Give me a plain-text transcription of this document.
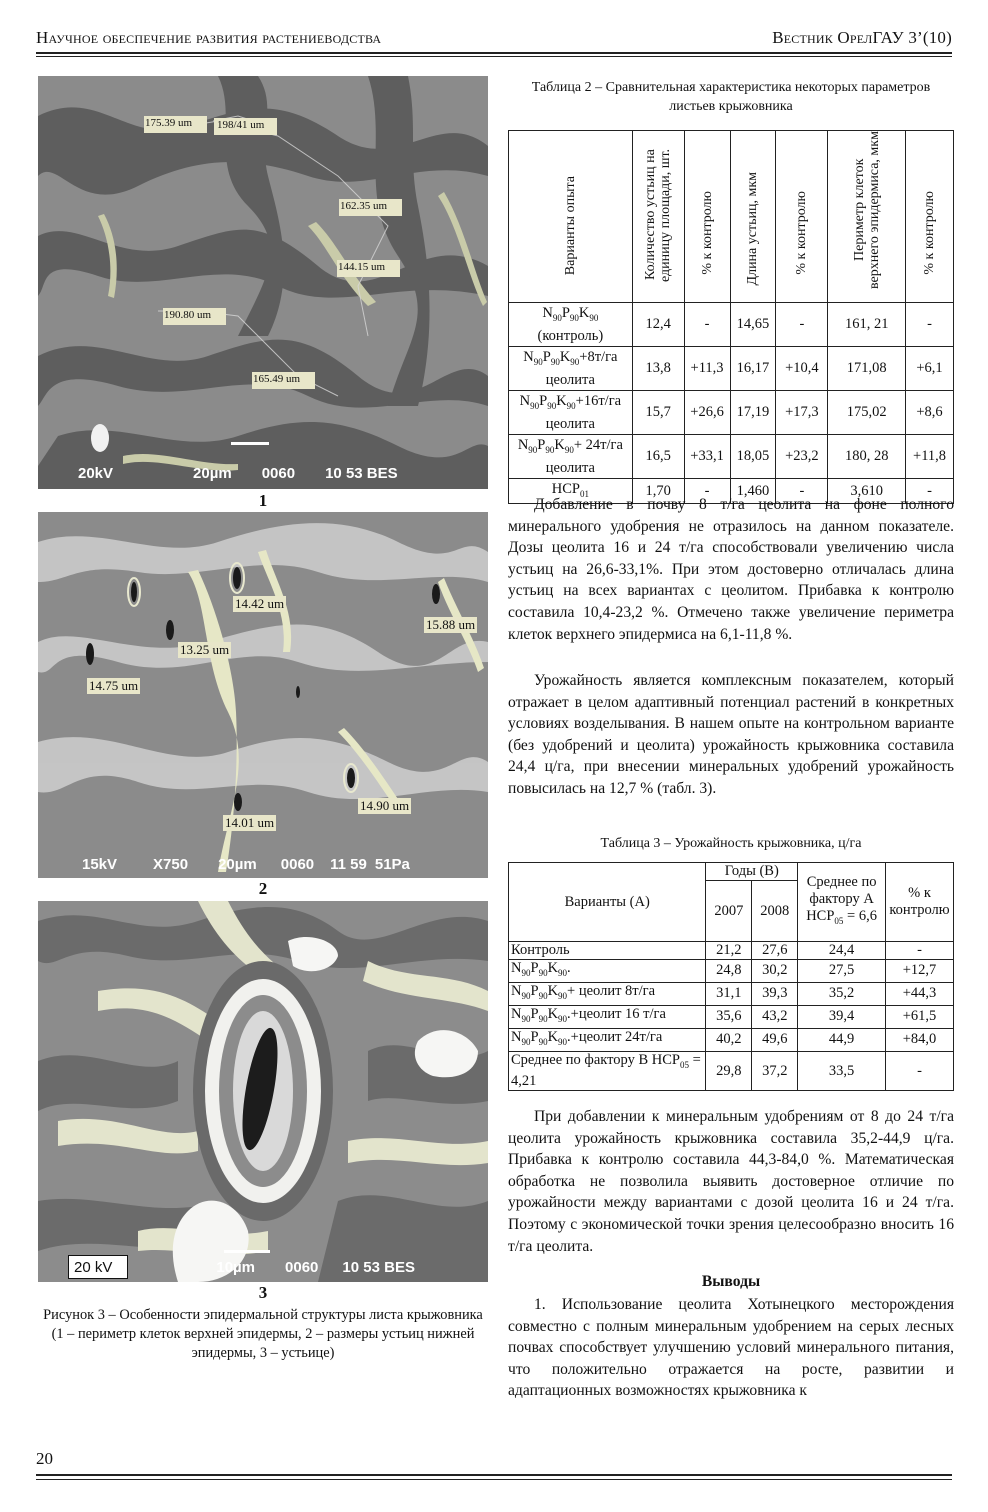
Научное обеспечение развития растениеводства	Вестник ОрелГАУ 3’(10)
175.39 um 198/41 um
162.35 um
144.15 um
190.80 um
165.49 um
20kV	20µm 0060 10 53 BES
1
14.42 um
15.88 um
13.25 um
14.75 um
14.90 um
14.01 um
15kV X750 20µm 0060 11 59 51Pa
2
20 kV	10µm 0060 10 53 BES
3
Рисунок 3 – Особенности эпидермальной структуры листа крыжовника (1 – периметр клеток верхней эпидермы, 2 – размеры устьиц нижней эпидермы, 3 – устьице)
Таблица 2 – Сравнительная характеристика некоторых параметров листьев крыжовника
Варианты опыта	Количество устьиц на единицу площади, шт.	% к контролю	Длина устьиц, мкм	% к контролю	Периметр клеток верхнего эпидермиса, мкм	% к контролю
$N_{90}P_{90}K_{90}$ (контроль)	12,4	-	14,65	-	161, 21	-
$N_{90}P_{90}K_{90}+8т/га$ цеолита	13,8	+11,3	16,17	+10,4	171,08	+6,1
$N_{90}P_{90}K_{90}+16т/га$ цеолита	15,7	+26,6	17,19	+17,3	175,02	+8,6
$N_{90}P_{90}K_{90}+ 24т/га$ цеолита	16,5	+33,1	18,05	+23,2	180, 28	+11,8
$НСР_{01}$	1,70	-	1,460	-	3,610	-
Добавление в почву 8 т/га цеолита на фоне полного минерального удобрения не отразилось на данном показателе. Дозы цеолита 16 и 24 т/га способствовали увеличению числа устьиц на 26,6-33,1%. При этом достоверно отличалась длина устьиц на всех вариантах с цеолитом. Прибавка к контролю составила 10,4-23,2 %. Отмечено также увеличение периметра клеток верхнего эпидермиса на 6,1-11,8 %.
Урожайность является комплексным показателем, который отражает в целом адаптивный потенциал растений в конкретных условиях возделывания. В нашем опыте на контрольном варианте (без удобрений и цеолита) урожайность крыжовника составила 24,4 ц/га, при внесении минеральных удобрений урожайность повысилась на 12,7 % (табл. 3).
Таблица 3 – Урожайность крыжовника, ц/га
Варианты (А)	Годы (В)		Среднее по фактору А $НСР_{05} = 6,6$	% к контролю
	2007	2008		
Контроль	21,2	27,6	24,4	-
$N_{90}P_{90}K_{90}$.	24,8	30,2	27,5	+12,7
$N_{90}P_{90}K_{90}+$ цеолит 8т/га	31,1	39,3	35,2	+44,3
$N_{90}P_{90}K_{90}.+цеолит$ 16 т/га	35,6	43,2	39,4	+61,5
$N_{90}P_{90}K_{90}.+цеолит$ 24т/га	40,2	49,6	44,9	+84,0
Среднее по фактору В $НСР_{05} = 4,21$	29,8	37,2	33,5	-
При добавлении к минеральным удобрениям от 8 до 24 т/га цеолита урожайность крыжовника составила 35,2-44,9 ц/га. Прибавка к контролю составила 44,3-84,0 %. Математическая обработка не позволила выявить достоверное отличие по урожайности между вариантами с дозой цеолита 16 и 24 т/га. Поэтому с экономической точки зрения целесообразно вносить 16 т/га цеолита.
Выводы
1. Использование цеолита Хотынецкого месторождения совместно с полным минеральным удобрением на серых лесных почвах способствует улучшению условий минерального питания, что положительно отражается на росте, развитии и адаптационных возможностях крыжовника к
20
